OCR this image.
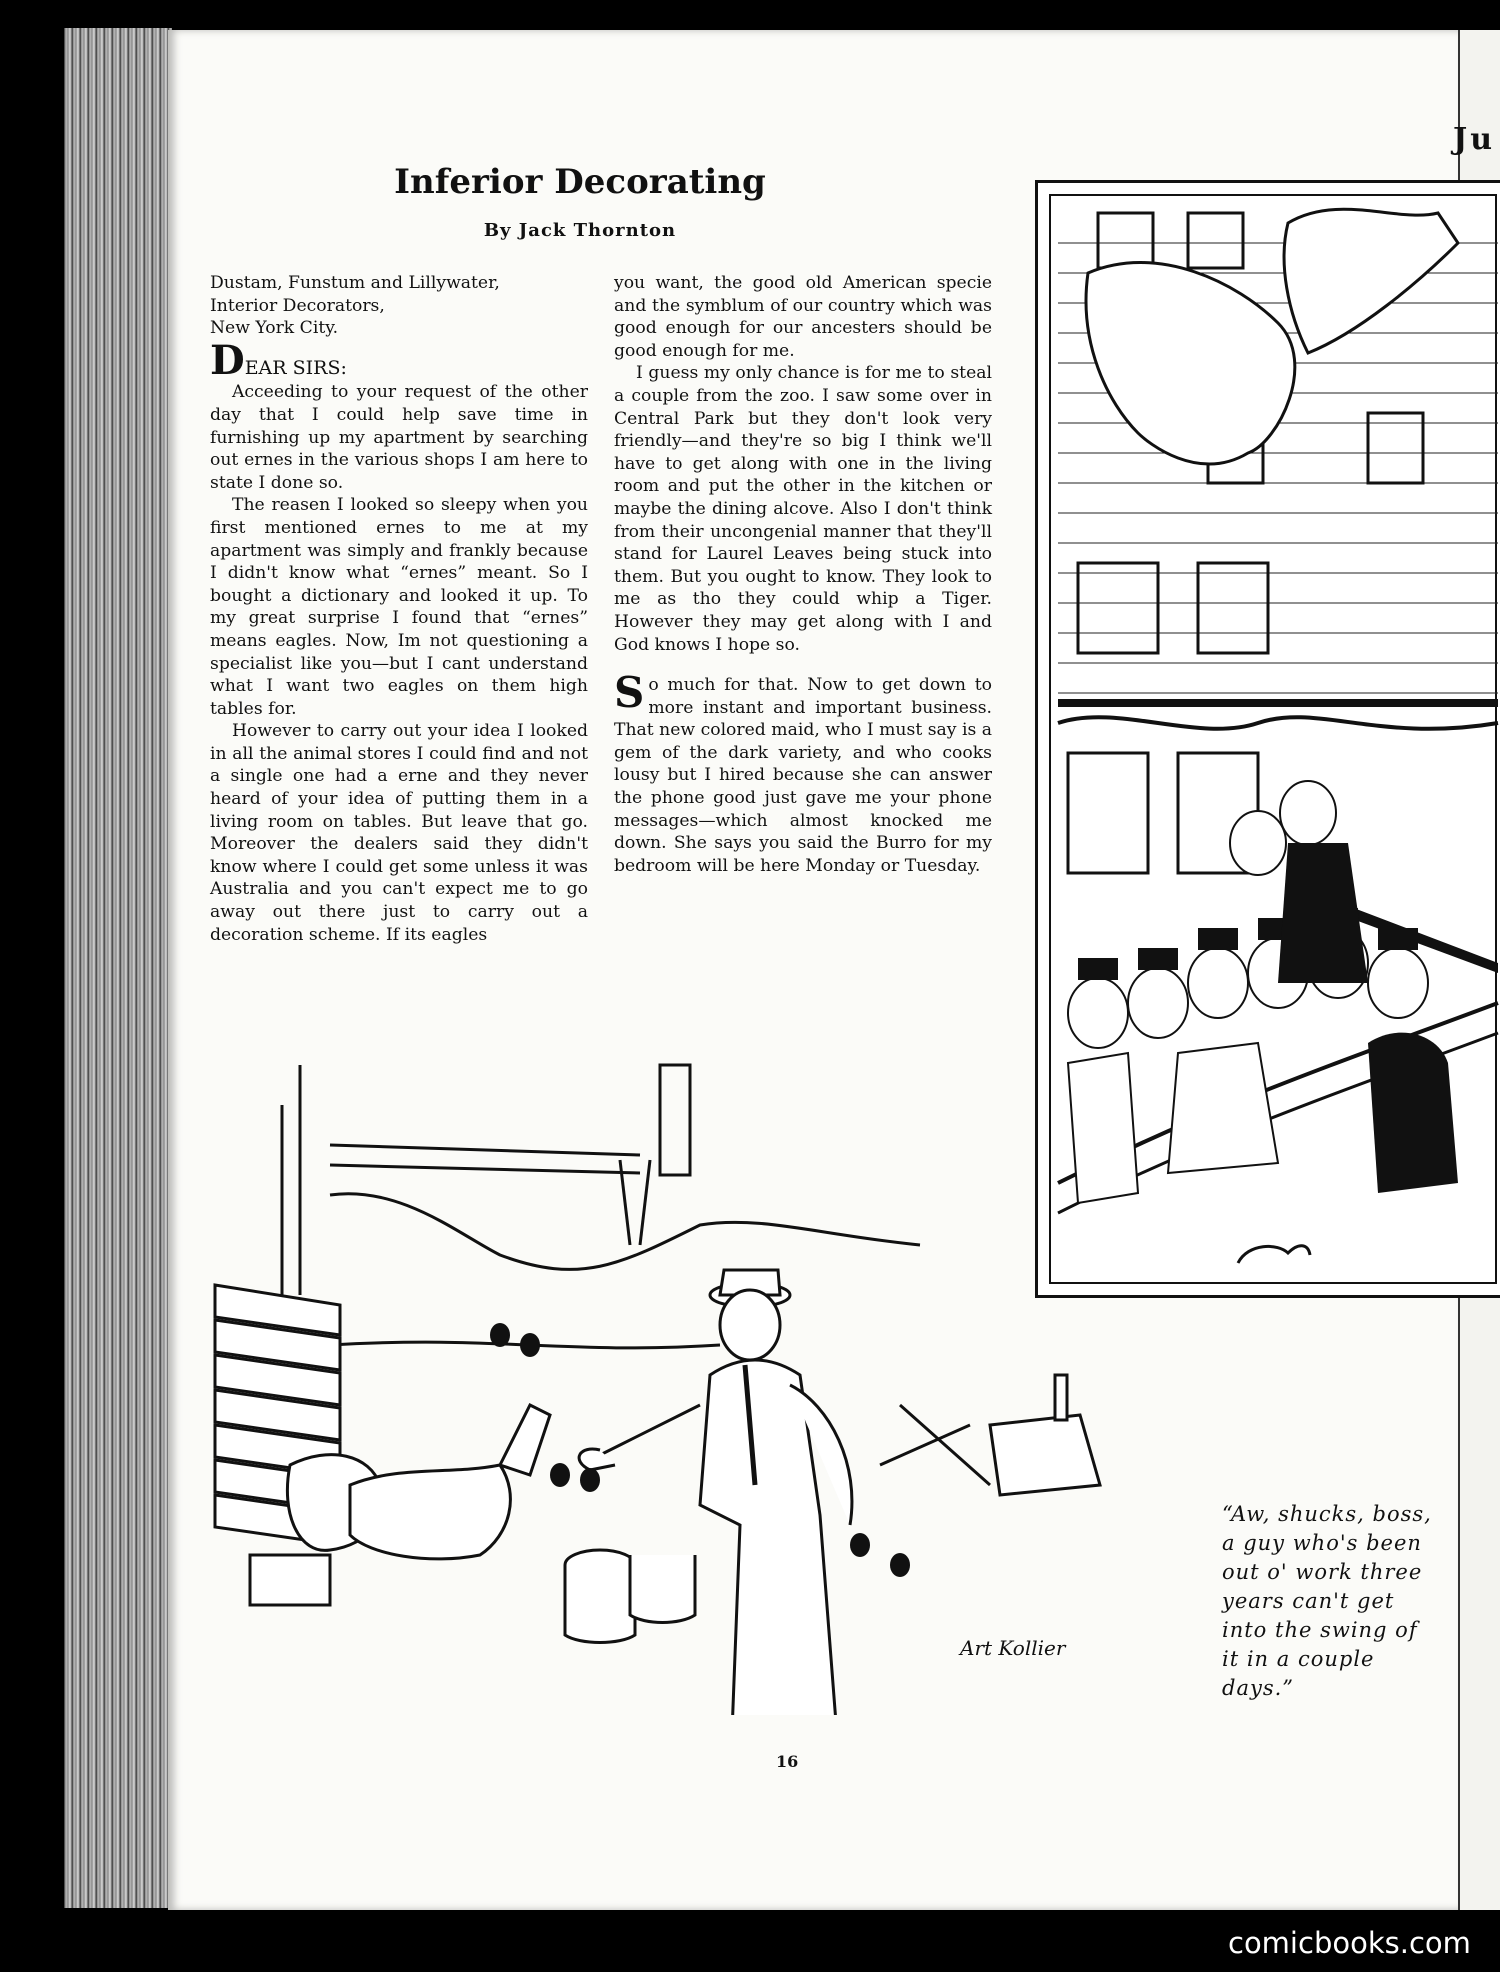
Ju
Inferior Decorating
By Jack Thornton
Dustam, Funstum and Lillywater,
Interior Decorators,
New York City.
DEAR SIRS:

Acceeding to your request of the other day that I could help save time in furnishing up my apartment by searching out ernes in the various shops I am here to state I done so.

The reasen I looked so sleepy when you first mentioned ernes to me at my apartment was simply and frankly because I didn't know what “ernes” meant. So I bought a dictionary and looked it up. To my great surprise I found that “ernes” means eagles. Now, Im not questioning a specialist like you—but I cant understand what I want two eagles on them high tables for.

However to carry out your idea I looked in all the animal stores I could find and not a single one had a erne and they never heard of your idea of putting them in a living room on tables. But leave that go. Moreover the dealers said they didn't know where I could get some unless it was Australia and you can't expect me to go away out there just to carry out a decoration scheme. If its eagles

you want, the good old American specie and the symblum of our country which was good enough for our ancesters should be good enough for me.

I guess my only chance is for me to steal a couple from the zoo. I saw some over in Central Park but they don't look very friendly—and they're so big I think we'll have to get along with one in the living room and put the other in the kitchen or maybe the dining alcove. Also I don't think from their uncongenial manner that they'll stand for Laurel Leaves being stuck into them. But you ought to know. They look to me as tho they could whip a Tiger. However they may get along with I and God knows I hope so.

So much for that. Now to get down to more instant and important business. That new colored maid, who I must say is a gem of the dark variety, and who cooks lousy but I hired because she can answer the phone good just gave me your phone messages—which almost knocked me down. She says you said the Burro for my bedroom will be here Monday or Tuesday.

Art Kollier
“Aw, shucks, boss, a guy who's been out o' work three years can't get into the swing of it in a couple days.”
16
comicbooks.com
